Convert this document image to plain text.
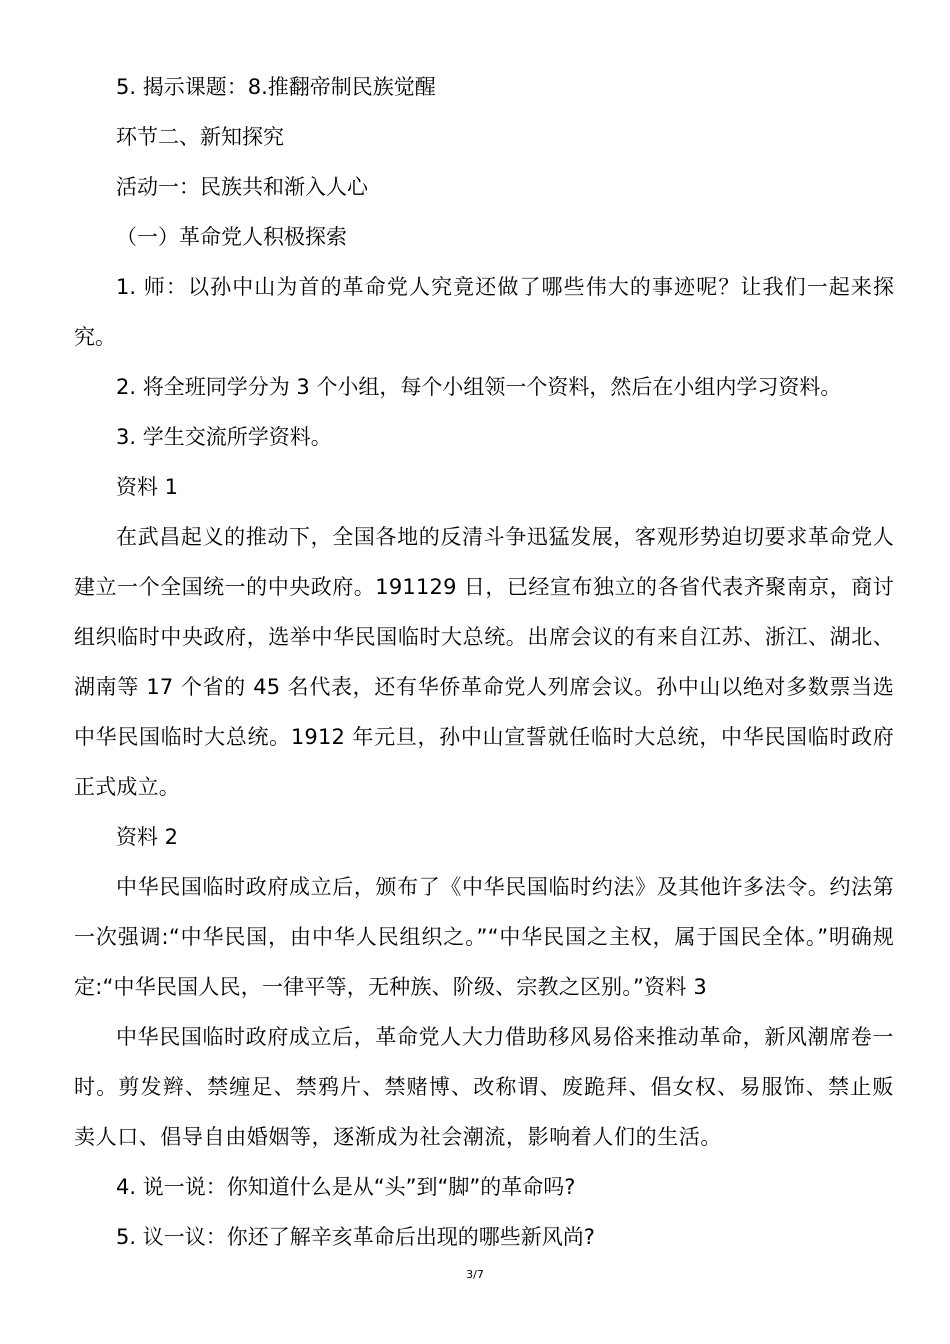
5. 揭示课题：8.推翻帝制民族觉醒

环节二、新知探究

活动一：民族共和渐入人心

（一）革命党人积极探索

1. 师：以孙中山为首的革命党人究竟还做了哪些伟大的事迹呢？让我们一起来探究。

2. 将全班同学分为 3 个小组，每个小组领一个资料，然后在小组内学习资料。

3. 学生交流所学资料。

资料 1

在武昌起义的推动下，全国各地的反清斗争迅猛发展，客观形势迫切要求革命党人建立一个全国统一的中央政府。191129 日，已经宣布独立的各省代表齐聚南京，商讨组织临时中央政府，选举中华民国临时大总统。出席会议的有来自江苏、浙江、湖北、湖南等 17 个省的 45 名代表，还有华侨革命党人列席会议。孙中山以绝对多数票当选中华民国临时大总统。1912 年元旦，孙中山宣誓就任临时大总统，中华民国临时政府正式成立。

资料 2

中华民国临时政府成立后，颁布了《中华民国临时约法》及其他许多法令。约法第一次强调:“中华民国，由中华人民组织之。”“中华民国之主权，属于国民全体。”明确规定:“中华民国人民，一律平等，无种族、阶级、宗教之区别。”资料 3

中华民国临时政府成立后，革命党人大力借助移风易俗来推动革命，新风潮席卷一时。剪发辫、禁缠足、禁鸦片、禁赌博、改称谓、废跪拜、倡女权、易服饰、禁止贩卖人口、倡导自由婚姻等，逐渐成为社会潮流，影响着人们的生活。

4. 说一说：你知道什么是从“头”到“脚”的革命吗?

5. 议一议：你还了解辛亥革命后出现的哪些新风尚?

3/7
